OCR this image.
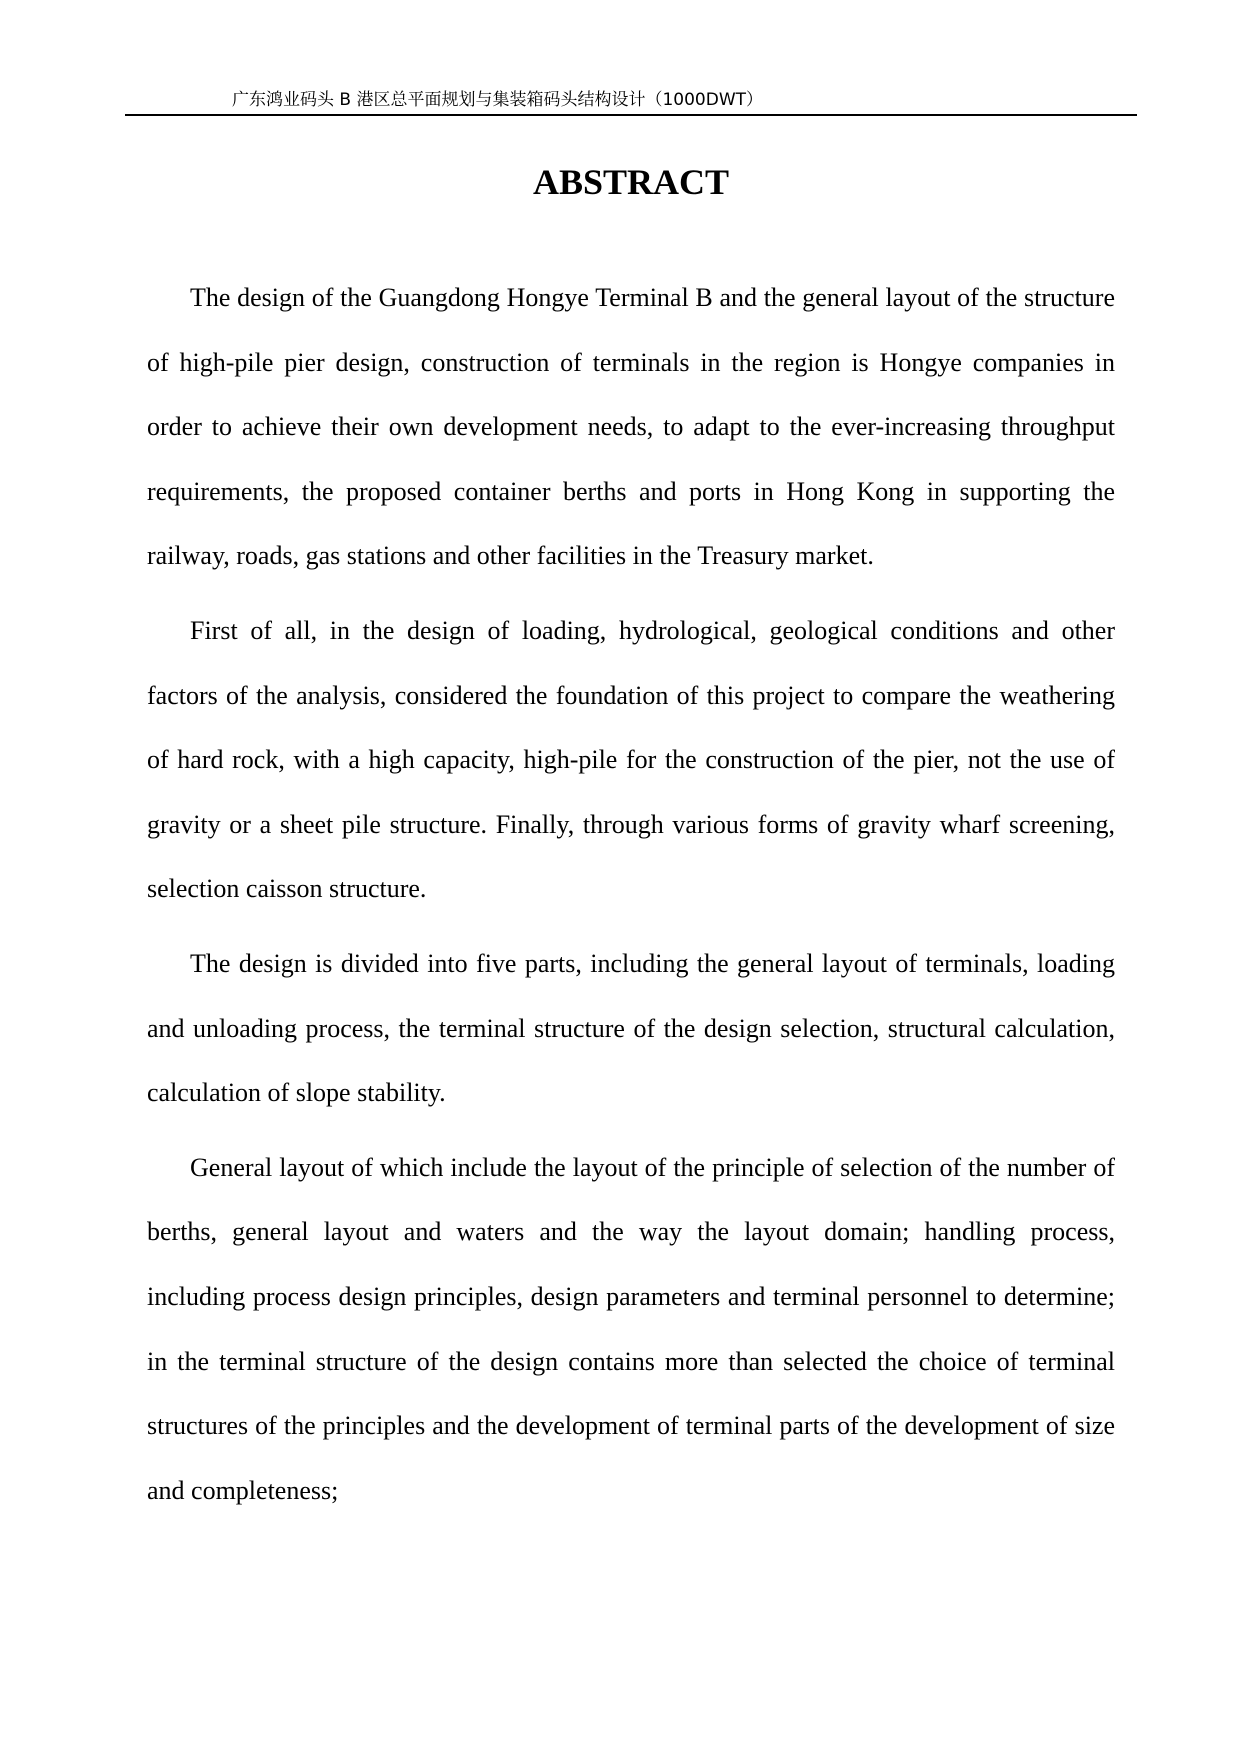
广东鸿业码头 B 港区总平面规划与集装箱码头结构设计（1000DWT）
ABSTRACT

The design of the Guangdong Hongye Terminal B and the general layout of the structure of high-pile pier design, construction of terminals in the region is Hongye companies in order to achieve their own development needs, to adapt to the ever-increasing throughput requirements, the proposed container berths and ports in Hong Kong in supporting the railway, roads, gas stations and other facilities in the Treasury market.

First of all, in the design of loading, hydrological, geological conditions and other factors of the analysis, considered the foundation of this project to compare the weathering of hard rock, with a high capacity, high-pile for the construction of the pier, not the use of gravity or a sheet pile structure. Finally, through various forms of gravity wharf screening, selection caisson structure.

The design is divided into five parts, including the general layout of terminals, loading and unloading process, the terminal structure of the design selection, structural calculation, calculation of slope stability.

General layout of which include the layout of the principle of selection of the number of berths, general layout and waters and the way the layout domain; handling process, including process design principles, design parameters and terminal personnel to determine; in the terminal structure of the design contains more than selected the choice of terminal structures of the principles and the development of terminal parts of the development of size and completeness;
